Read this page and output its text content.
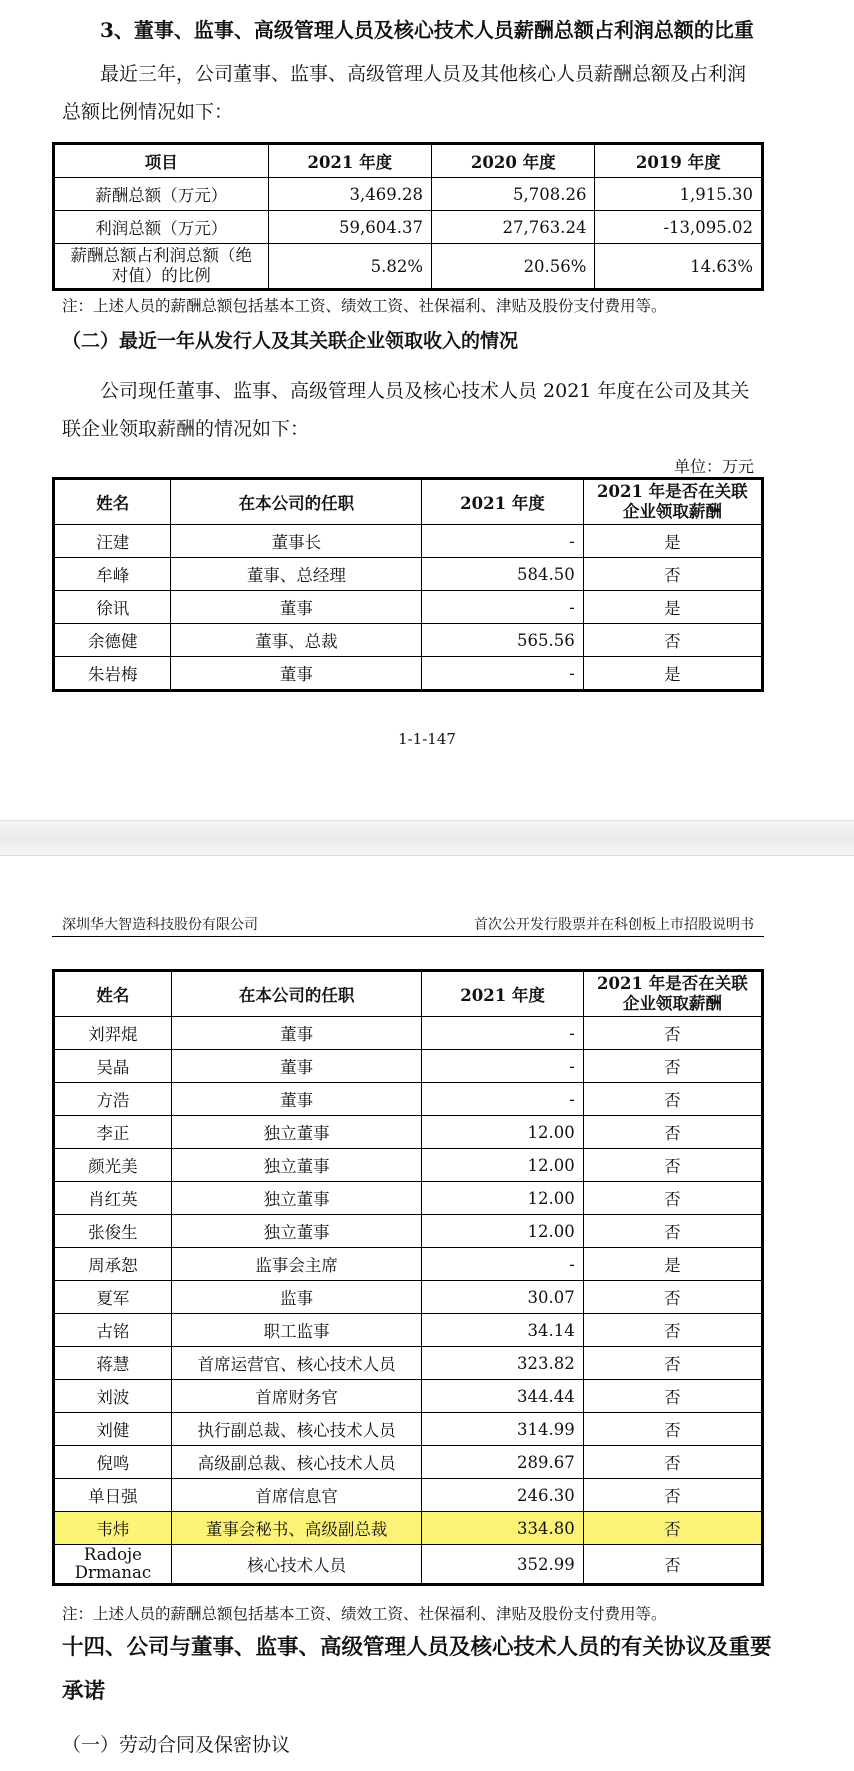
3、董事、监事、高级管理人员及核心技术人员薪酬总额占利润总额的比重
最近三年，公司董事、监事、高级管理人员及其他核心人员薪酬总额及占利润总额比例情况如下：
项目	2021 年度	2020 年度	2019 年度
薪酬总额（万元）	3,469.28	5,708.26	1,915.30
利润总额（万元）	59,604.37	27,763.24	-13,095.02
薪酬总额占利润总额（绝对值）的比例	5.82%	20.56%	14.63%
注：上述人员的薪酬总额包括基本工资、绩效工资、社保福利、津贴及股份支付费用等。
（二）最近一年从发行人及其关联企业领取收入的情况
公司现任董事、监事、高级管理人员及核心技术人员 2021 年度在公司及其关联企业领取薪酬的情况如下：
单位：万元
姓名	在本公司的任职	2021 年度	2021 年是否在关联企业领取薪酬
汪建	董事长	-	是
牟峰	董事、总经理	584.50	否
徐讯	董事	-	是
余德健	董事、总裁	565.56	否
朱岩梅	董事	-	是
1-1-147
深圳华大智造科技股份有限公司	首次公开发行股票并在科创板上市招股说明书
姓名	在本公司的任职	2021 年度	2021 年是否在关联企业领取薪酬
刘羿焜	董事	-	否
吴晶	董事	-	否
方浩	董事	-	否
李正	独立董事	12.00	否
颜光美	独立董事	12.00	否
肖红英	独立董事	12.00	否
张俊生	独立董事	12.00	否
周承恕	监事会主席	-	是
夏军	监事	30.07	否
古铭	职工监事	34.14	否
蒋慧	首席运营官、核心技术人员	323.82	否
刘波	首席财务官	344.44	否
刘健	执行副总裁、核心技术人员	314.99	否
倪鸣	高级副总裁、核心技术人员	289.67	否
单日强	首席信息官	246.30	否
韦炜	董事会秘书、高级副总裁	334.80	否
Radoje Drmanac	核心技术人员	352.99	否
注：上述人员的薪酬总额包括基本工资、绩效工资、社保福利、津贴及股份支付费用等。
十四、公司与董事、监事、高级管理人员及核心技术人员的有关协议及重要承诺
（一）劳动合同及保密协议
